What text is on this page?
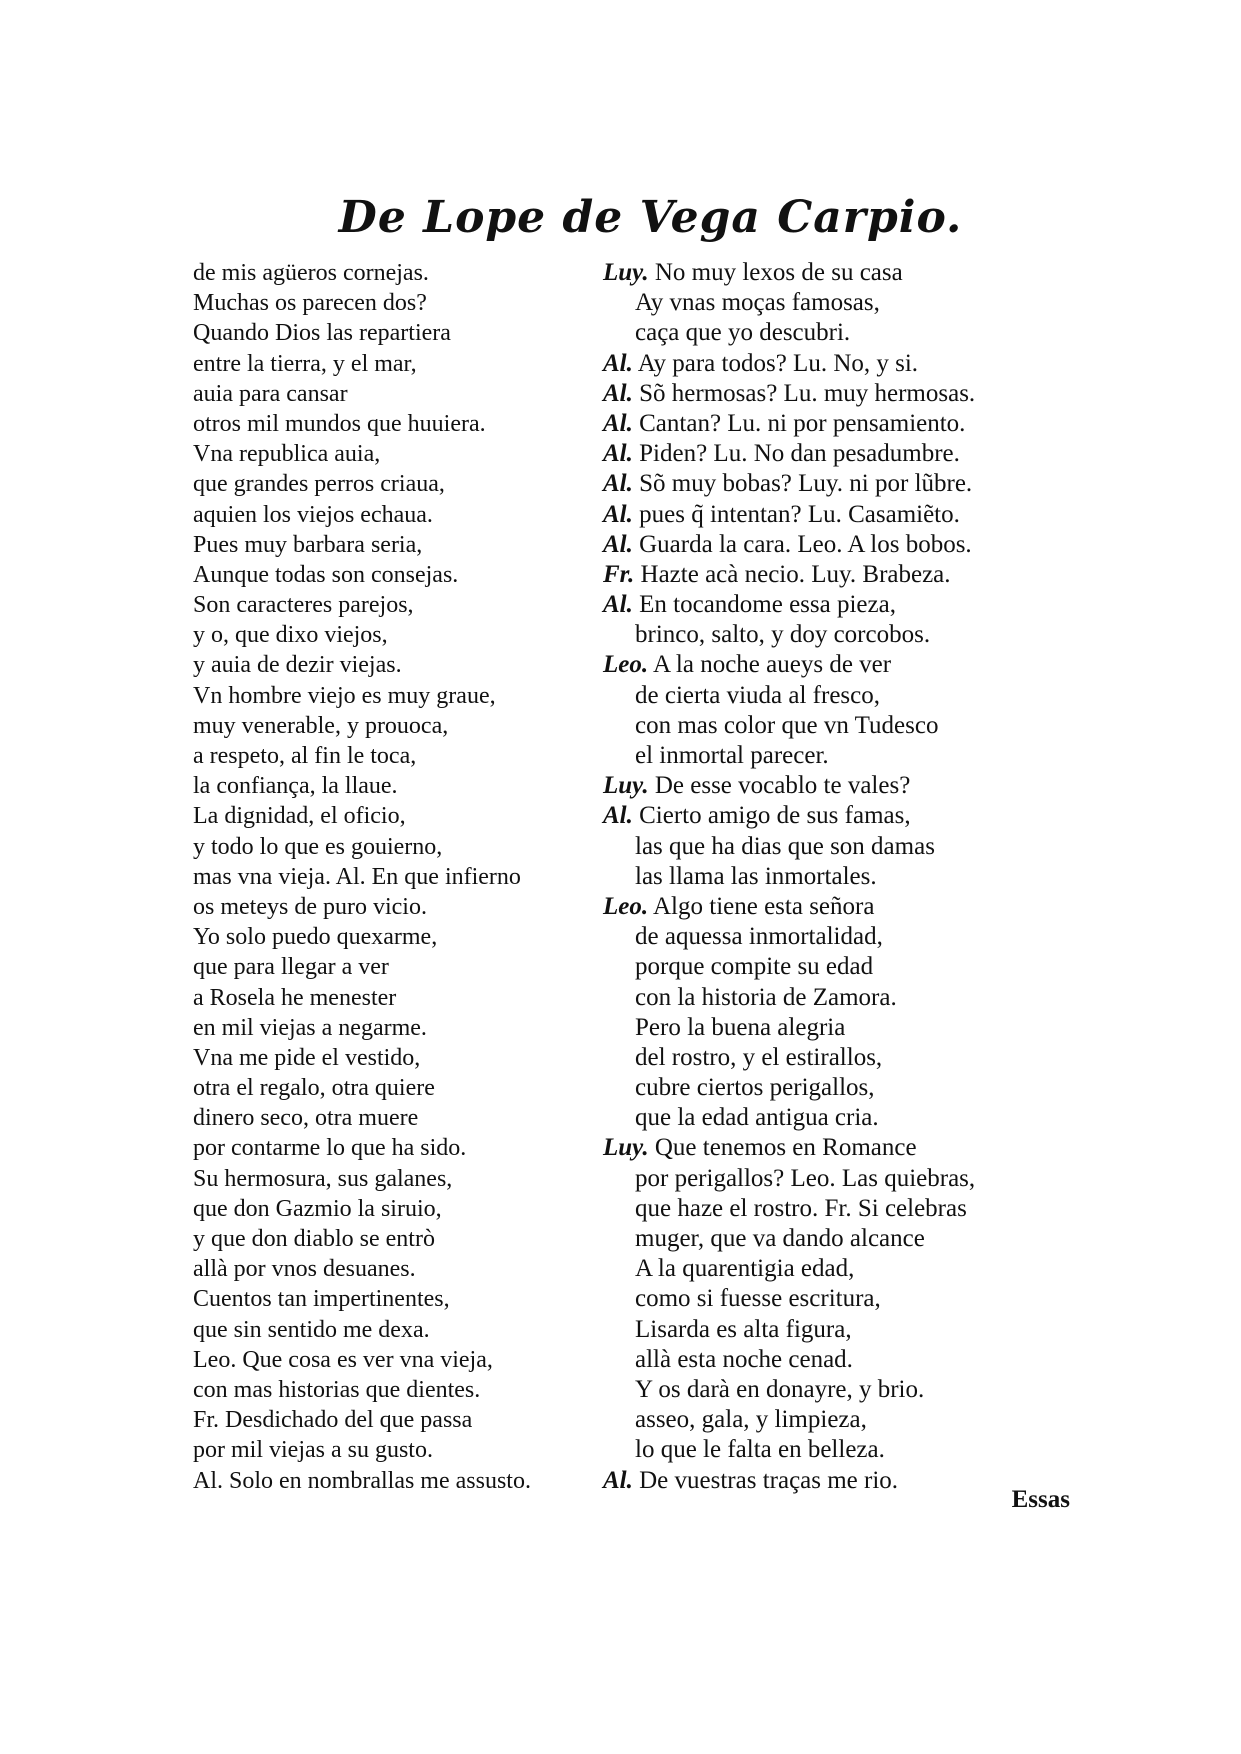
De Lope de Vega Carpio.
de mis agüeros cornejas.
Muchas os parecen dos?
Quando Dios las repartiera
entre la tierra, y el mar,
auia para cansar
otros mil mundos que huuiera.
Vna republica auia,
que grandes perros criaua,
aquien los viejos echaua.
Pues muy barbara seria,
Aunque todas son consejas.
Son caracteres parejos,
y o, que dixo viejos,
y auia de dezir viejas.
Vn hombre viejo es muy graue,
muy venerable, y prouoca,
a respeto, al fin le toca,
la confiança, la llaue.
La dignidad, el oficio,
y todo lo que es gouierno,
mas vna vieja. Al. En que infierno
os meteys de puro vicio.
Yo solo puedo quexarme,
que para llegar a ver
a Rosela he menester
en mil viejas a negarme.
Vna me pide el vestido,
otra el regalo, otra quiere
dinero seco, otra muere
por contarme lo que ha sido.
Su hermosura, sus galanes,
que don Gazmio la siruio,
y que don diablo se entrò
allà por vnos desuanes.
Cuentos tan impertinentes,
que sin sentido me dexa.
Leo. Que cosa es ver vna vieja,
con mas historias que dientes.
Fr. Desdichado del que passa
por mil viejas a su gusto.
Al. Solo en nombrallas me assusto.
Luy. No muy lexos de su casa
Ay vnas moças famosas,
caça que yo descubri.
Al. Ay para todos? Lu. No, y si.
Al. Sõ hermosas? Lu. muy hermosas.
Al. Cantan? Lu. ni por pensamiento.
Al. Piden? Lu. No dan pesadumbre.
Al. Sõ muy bobas? Luy. ni por lũbre.
Al. pues q̃ intentan? Lu. Casamiẽto.
Al. Guarda la cara. Leo. A los bobos.
Fr. Hazte acà necio. Luy. Brabeza.
Al. En tocandome essa pieza,
brinco, salto, y doy corcobos.
Leo. A la noche aueys de ver
de cierta viuda al fresco,
con mas color que vn Tudesco
el inmortal parecer.
Luy. De esse vocablo te vales?
Al. Cierto amigo de sus famas,
las que ha dias que son damas
las llama las inmortales.
Leo. Algo tiene esta señora
de aquessa inmortalidad,
porque compite su edad
con la historia de Zamora.
Pero la buena alegria
del rostro, y el estirallos,
cubre ciertos perigallos,
que la edad antigua cria.
Luy. Que tenemos en Romance
por perigallos? Leo. Las quiebras,
que haze el rostro. Fr. Si celebras
muger, que va dando alcance
A la quarentigia edad,
como si fuesse escritura,
Lisarda es alta figura,
allà esta noche cenad.
Y os darà en donayre, y brio.
asseo, gala, y limpieza,
lo que le falta en belleza.
Al. De vuestras traças me rio.
Essas
